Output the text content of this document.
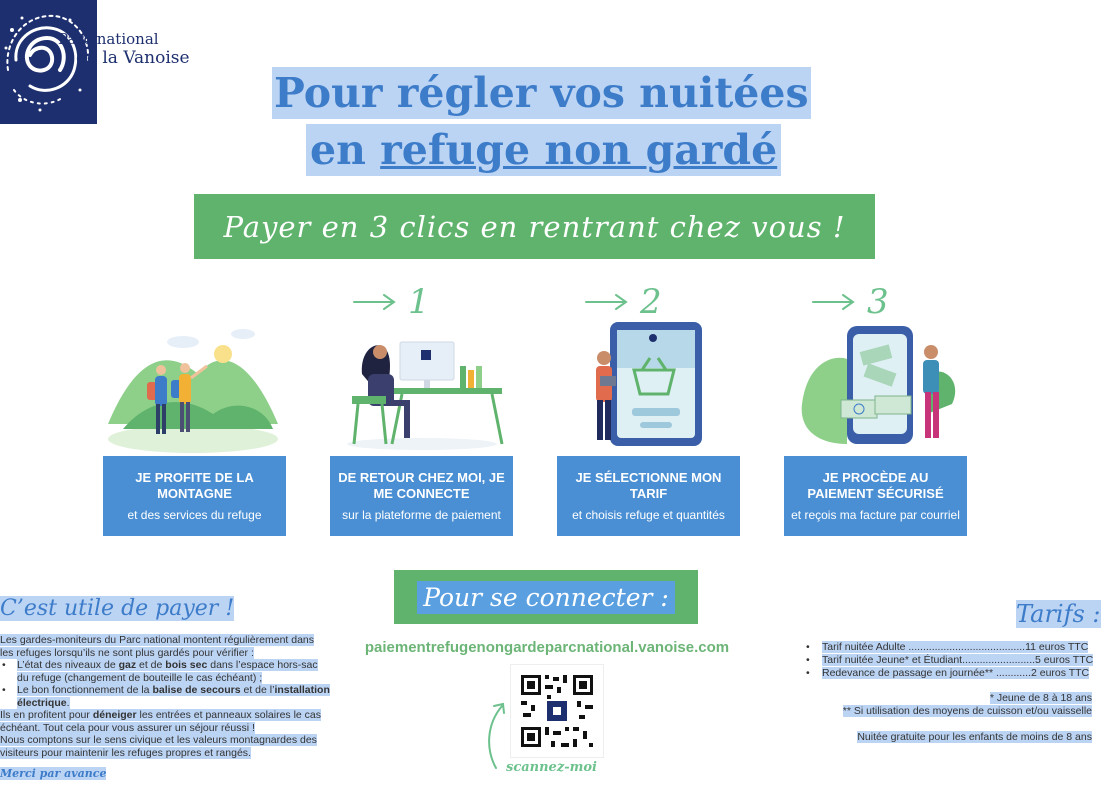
Parc national
de la Vanoise
Pour régler vos nuitées
en refuge non gardé
Payer en 3 clics en rentrant chez vous !
1	2	3
JE PROFITE DE LA MONTAGNE
et des services du refuge
DE RETOUR CHEZ MOI, JE ME CONNECTE
sur la plateforme de paiement
JE SÉLECTIONNE MON TARIF
et choisis refuge et quantités
JE PROCÈDE AU PAIEMENT SÉCURISÉ
et reçois ma facture par courriel
Pour se connecter :
paiementrefugenongardeparcnational.vanoise.com
scannez-moi
C’est utile de payer !
Les gardes-moniteurs du Parc national montent régulièrement dans les refuges lorsqu’ils ne sont plus gardés pour vérifier :
• L’état des niveaux de gaz et de bois sec dans l’espace hors-sac du refuge (changement de bouteille le cas échéant) ;
• Le bon fonctionnement de la balise de secours et de l’installation électrique.
Ils en profitent pour déneiger les entrées et panneaux solaires le cas échéant. Tout cela pour vous assurer un séjour réussi !
Nous comptons sur le sens civique et les valeurs montagnardes des visiteurs pour maintenir les refuges propres et rangés.
Merci par avance
Tarifs :
•	Tarif nuitée Adulte ........................................11 euros TTC
•	Tarif nuitée Jeune* et Étudiant.........................5 euros TTC
•	Redevance de passage en journée** ............2 euros TTC
* Jeune de 8 à 18 ans
** Si utilisation des moyens de cuisson et/ou vaisselle
Nuitée gratuite pour les enfants de moins de 8 ans
